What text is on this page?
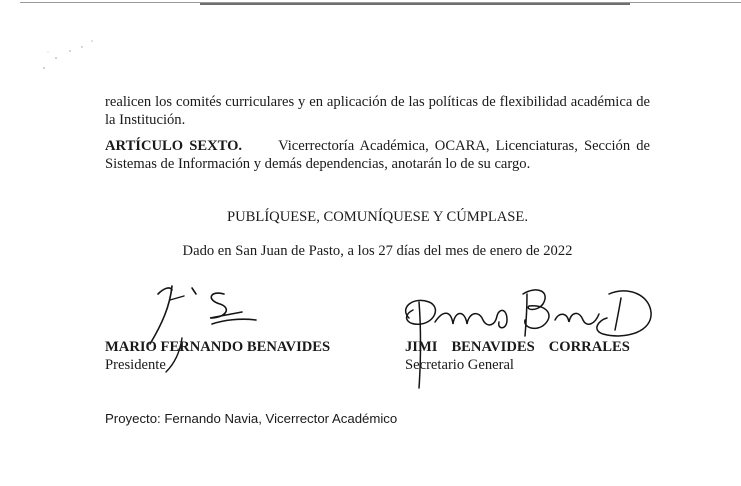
realicen los comités curriculares y en aplicación de las políticas de flexibilidad académica de
la Institución.

ARTÍCULO SEXTO. Vicerrectoría Académica, OCARA, Licenciaturas, Sección de
Sistemas de Información y demás dependencias, anotarán lo de su cargo.

PUBLÍQUESE, COMUNÍQUESE Y CÚMPLASE.

Dado en San Juan de Pasto, a los 27 días del mes de enero de 2022

MARIO FERNANDO BENAVIDES
Presidente
JIMI BENAVIDES CORRALES
Secretario General

Proyecto: Fernando Navia, Vicerrector Académico
